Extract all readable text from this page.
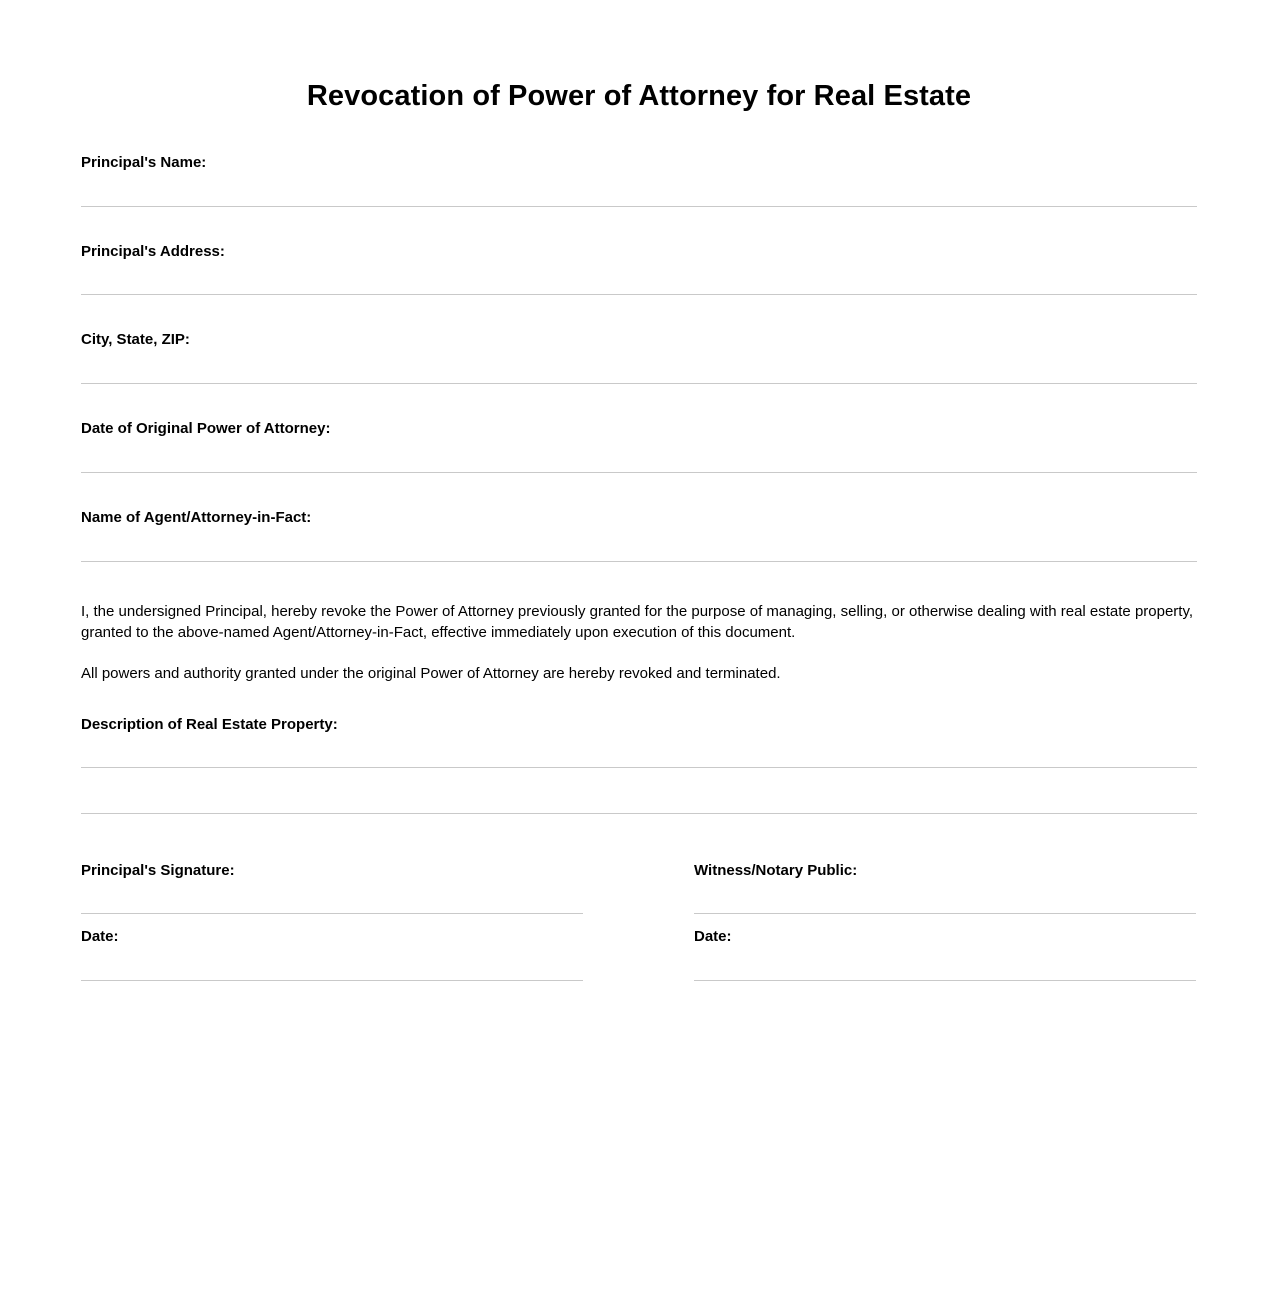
Revocation of Power of Attorney for Real Estate
Principal's Name:
Principal's Address:
City, State, ZIP:
Date of Original Power of Attorney:
Name of Agent/Attorney-in-Fact:

I, the undersigned Principal, hereby revoke the Power of Attorney previously granted for the purpose of managing, selling, or otherwise dealing with real estate property, granted to the above-named Agent/Attorney-in-Fact, effective immediately upon execution of this document.

All powers and authority granted under the original Power of Attorney are hereby revoked and terminated.

Description of Real Estate Property:
Principal's Signature:
Date:
Witness/Notary Public:
Date:
